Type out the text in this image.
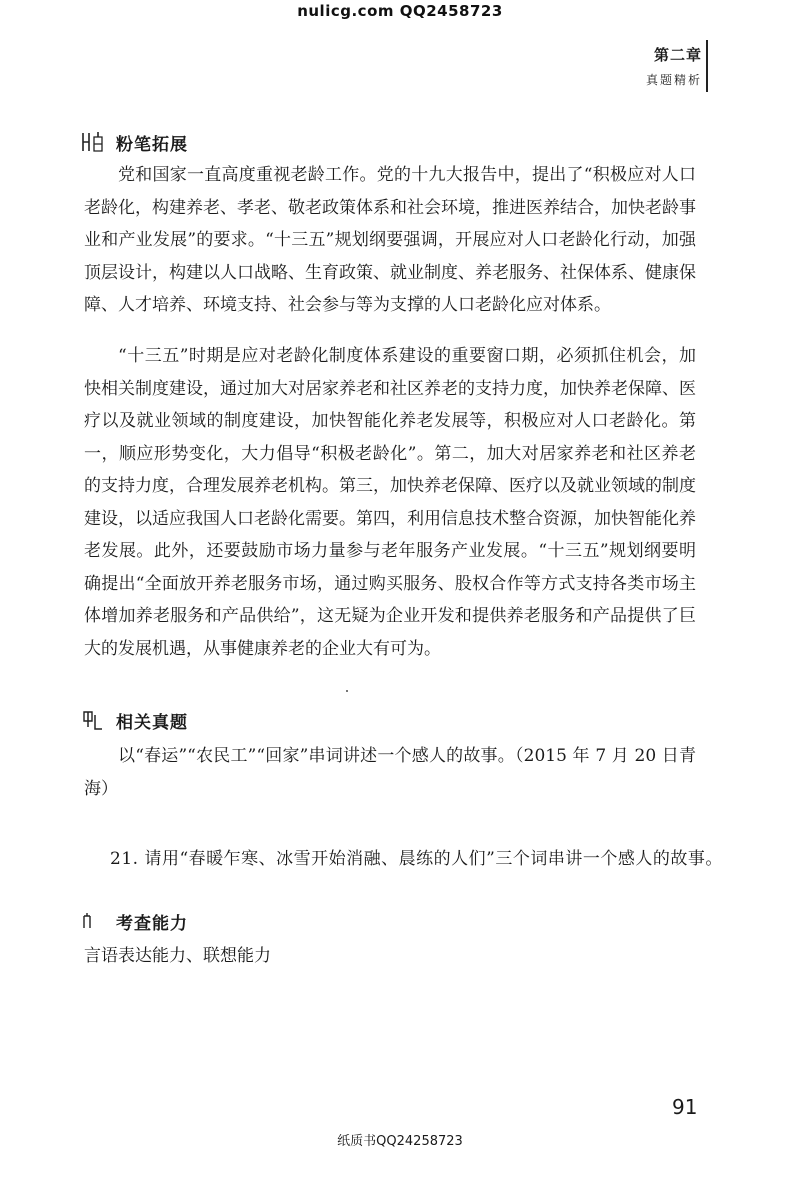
nulicg.com QQ2458723
第二章
真题精析
粉笔拓展

党和国家一直高度重视老龄工作。党的十九大报告中，提出了“积极应对人口老龄化，构建养老、孝老、敬老政策体系和社会环境，推进医养结合，加快老龄事业和产业发展”的要求。“十三五”规划纲要强调，开展应对人口老龄化行动，加强顶层设计，构建以人口战略、生育政策、就业制度、养老服务、社保体系、健康保障、人才培养、环境支持、社会参与等为支撑的人口老龄化应对体系。

“十三五”时期是应对老龄化制度体系建设的重要窗口期，必须抓住机会，加快相关制度建设，通过加大对居家养老和社区养老的支持力度，加快养老保障、医疗以及就业领域的制度建设，加快智能化养老发展等，积极应对人口老龄化。第一，顺应形势变化，大力倡导“积极老龄化”。第二，加大对居家养老和社区养老的支持力度，合理发展养老机构。第三，加快养老保障、医疗以及就业领域的制度建设，以适应我国人口老龄化需要。第四，利用信息技术整合资源，加快智能化养老发展。此外，还要鼓励市场力量参与老年服务产业发展。“十三五”规划纲要明确提出“全面放开养老服务市场，通过购买服务、股权合作等方式支持各类市场主体增加养老服务和产品供给”，这无疑为企业开发和提供养老服务和产品提供了巨大的发展机遇，从事健康养老的企业大有可为。

相关真题

以“春运”“农民工”“回家”串词讲述一个感人的故事。（2015 年 7 月 20 日青海）

21. 请用“春暖乍寒、冰雪开始消融、晨练的人们”三个词串讲一个感人的故事。
考查能力

言语表达能力、联想能力

91
纸质书QQ24258723
